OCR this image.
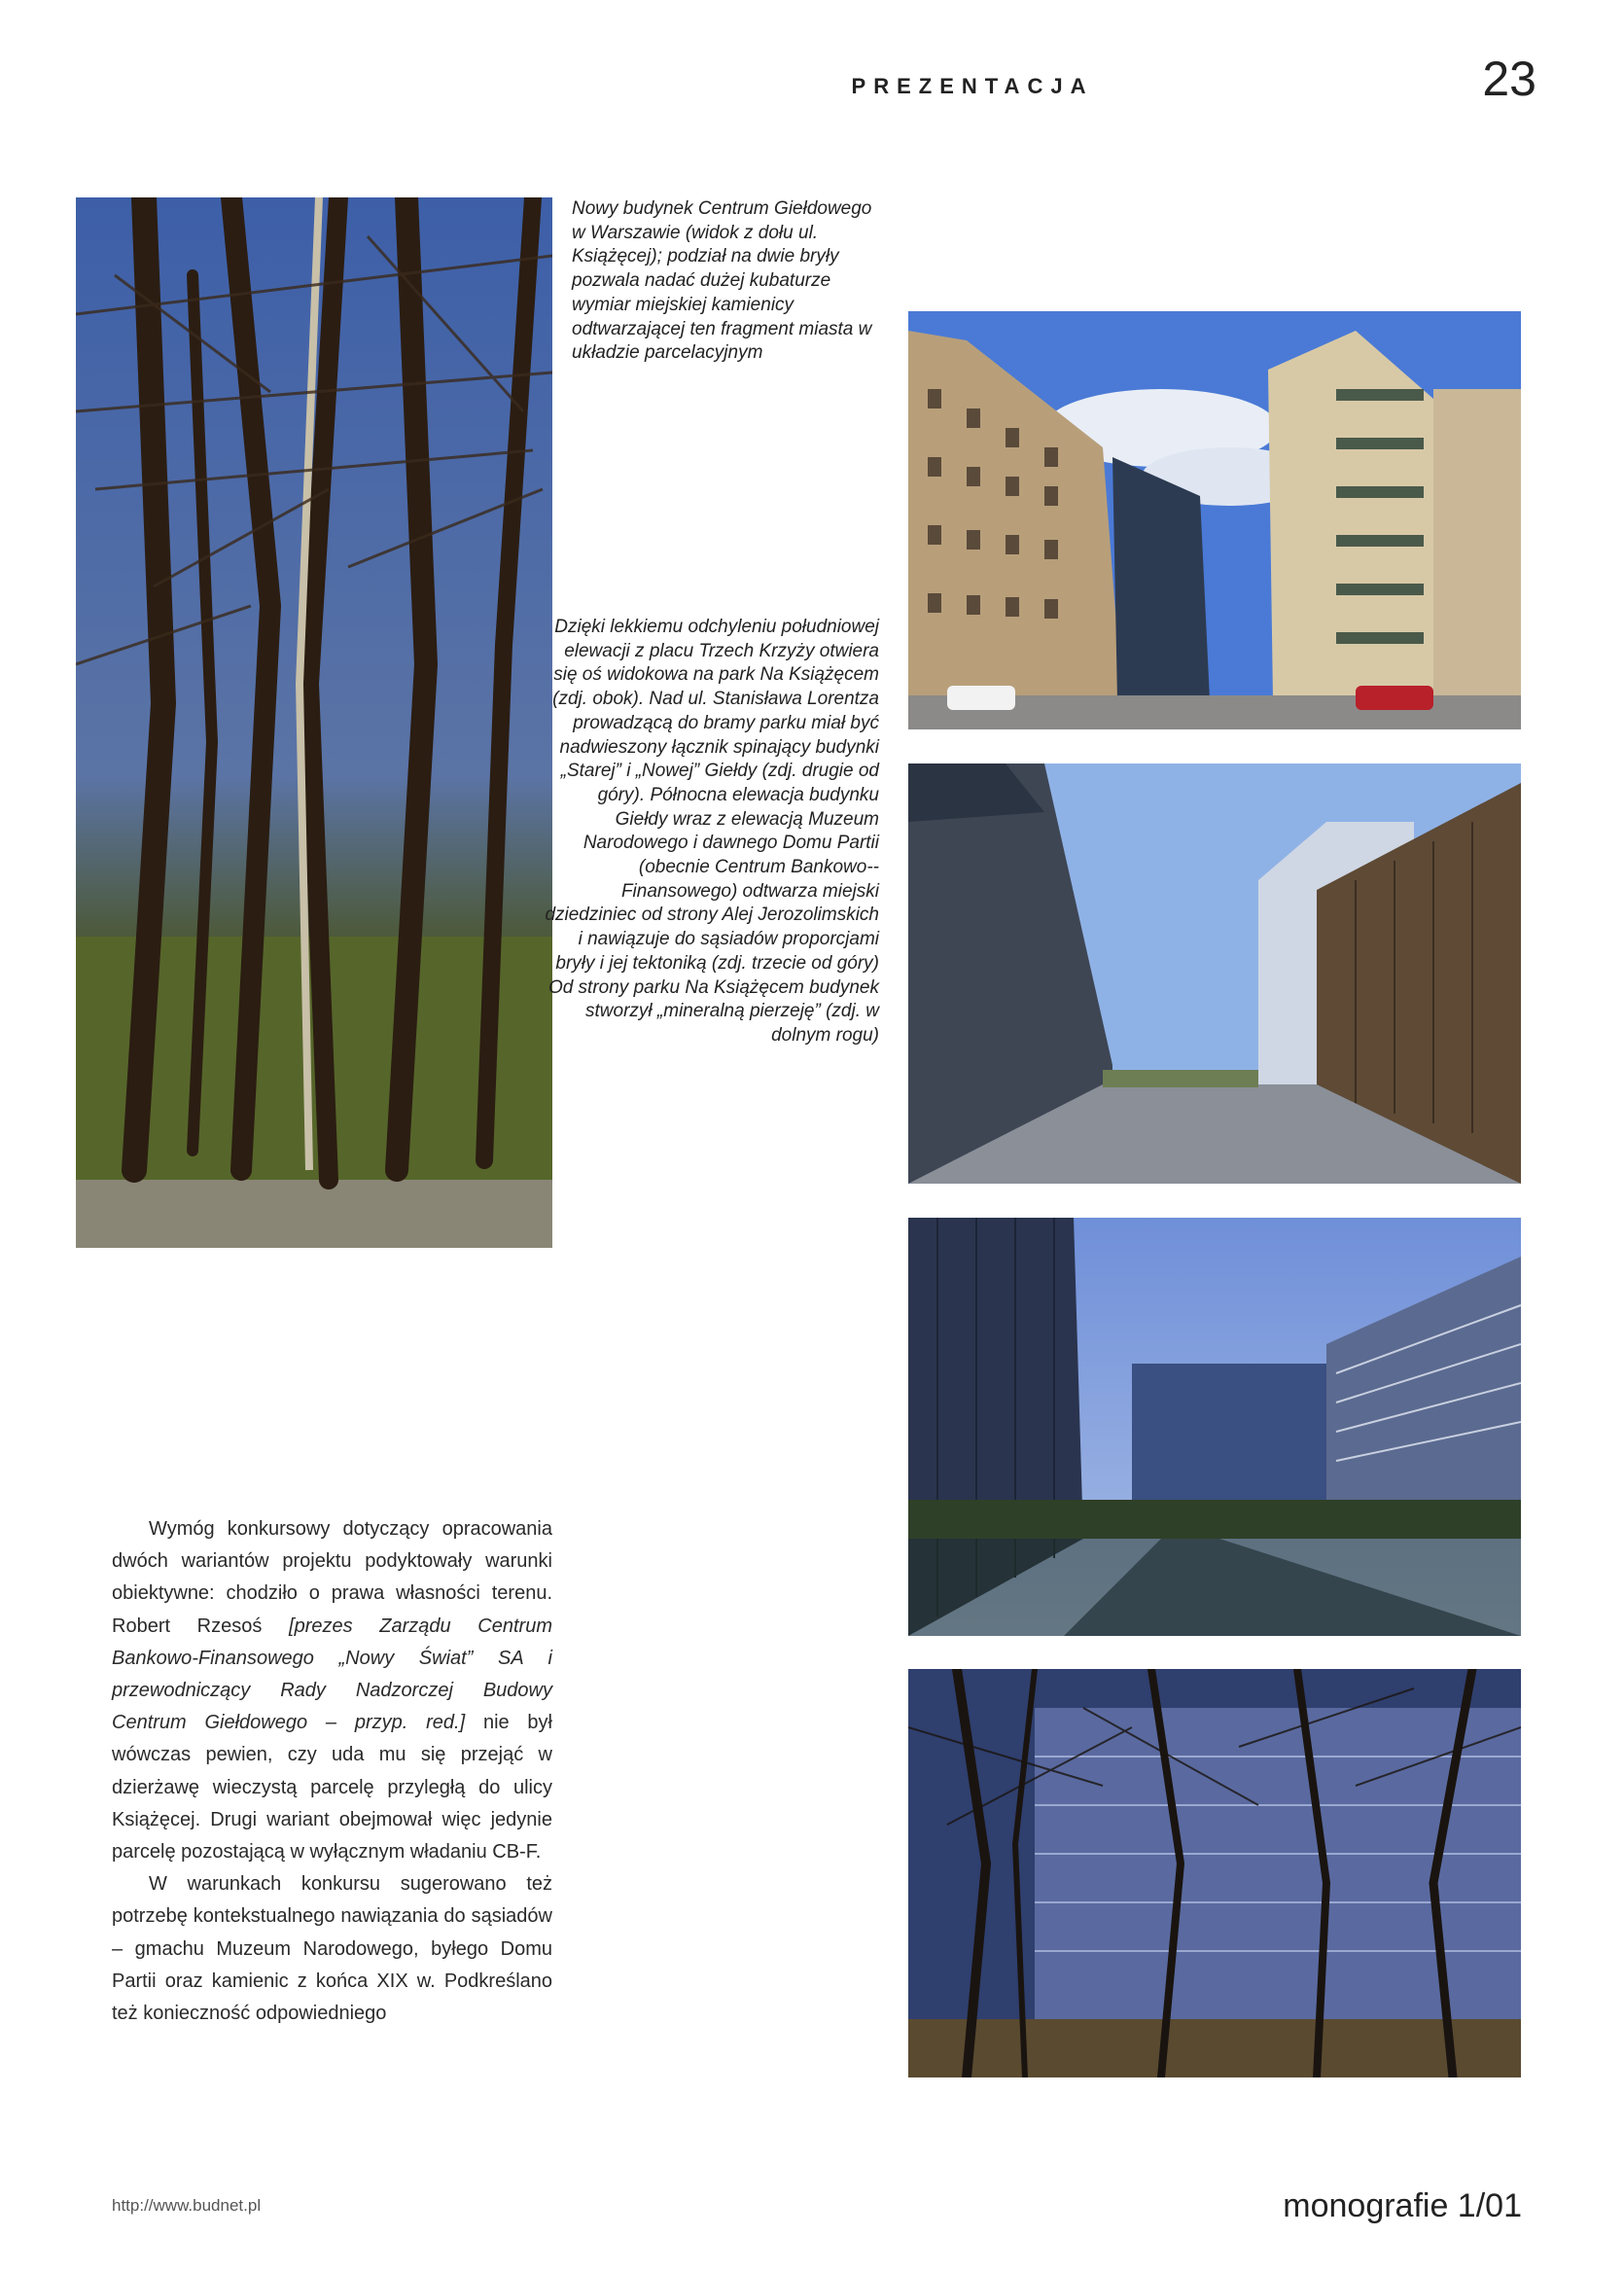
PREZENTACJA	23
Nowy budynek Centrum Giełdowego w Warszawie (widok z dołu ul. Książęcej); podział na dwie bryły pozwala nadać dużej kubaturze wymiar miejskiej kamienicy odtwarzającej ten fragment miasta w układzie parcelacyjnym
Dzięki lekkiemu odchyleniu południowej elewacji z placu Trzech Krzyży otwiera się oś widokowa na park Na Książęcem (zdj. obok). Nad ul. Stanisława Lorentza prowadzącą do bramy parku miał być nadwieszony łącznik spinający budynki „Starej” i „Nowej” Giełdy (zdj. drugie od góry). Północna elewacja budynku Giełdy wraz z elewacją Muzeum Narodowego i dawnego Domu Partii (obecnie Centrum Bankowo--Finansowego) odtwarza miejski dziedziniec od strony Alej Jerozolimskich i nawiązuje do sąsiadów proporcjami bryły i jej tektoniką (zdj. trzecie od góry) Od strony parku Na Książęcem budynek stworzył „mineralną pierzeję” (zdj. w dolnym rogu)

Wymóg konkursowy dotyczący opracowania dwóch wariantów projektu podyktowały warunki obiektywne: chodziło o prawa własności terenu. Robert Rzesoś [prezes Zarządu Centrum Bankowo-Finansowego „Nowy Świat” SA i przewodniczący Rady Nadzorczej Budowy Centrum Giełdowego – przyp. red.] nie był wówczas pewien, czy uda mu się przejąć w dzierżawę wieczystą parcelę przyległą do ulicy Książęcej. Drugi wariant obejmował więc jedynie parcelę pozostającą w wyłącznym władaniu CB-F.

W warunkach konkursu sugerowano też potrzebę kontekstualnego nawiązania do sąsiadów – gmachu Muzeum Narodowego, byłego Domu Partii oraz kamienic z końca XIX w. Podkreślano też konieczność odpowiedniego

http://www.budnet.pl	monografie 1/01
